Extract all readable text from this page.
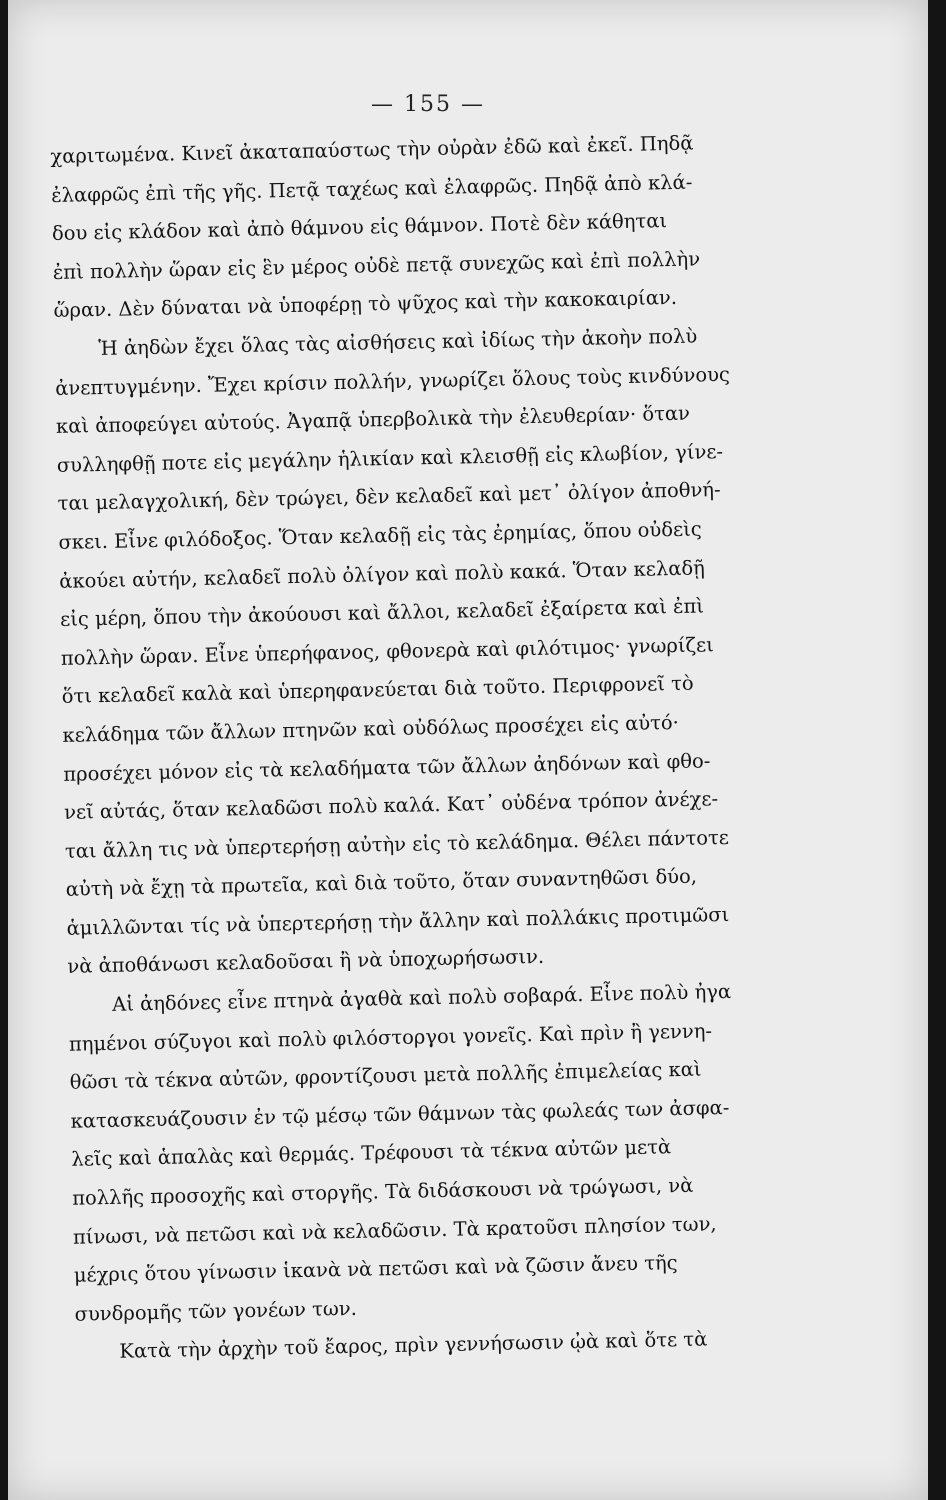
— 155 —
χαριτωμένα. Κινεῖ ἀκαταπαύστως τὴν οὐρὰν ἐδῶ καὶ ἐκεῖ. Πηδᾷ
ἐλαφρῶς ἐπὶ τῆς γῆς. Πετᾷ ταχέως καὶ ἐλαφρῶς. Πηδᾷ ἀπὸ κλά-
δου εἰς κλάδον καὶ ἀπὸ θάμνου εἰς θάμνον. Ποτὲ δὲν κάθηται
ἐπὶ πολλὴν ὥραν εἰς ἓν μέρος οὐδὲ πετᾷ συνεχῶς καὶ ἐπὶ πολλὴν
ὥραν. Δὲν δύναται νὰ ὑποφέρῃ τὸ ψῦχος καὶ τὴν κακοκαιρίαν.
Ἡ ἀηδὼν ἔχει ὅλας τὰς αἰσθήσεις καὶ ἰδίως τὴν ἀκοὴν πολὺ
ἀνεπτυγμένην. Ἔχει κρίσιν πολλήν, γνωρίζει ὅλους τοὺς κινδύνους
καὶ ἀποφεύγει αὐτούς. Ἀγαπᾷ ὑπερβολικὰ τὴν ἐλευθερίαν· ὅταν
συλληφθῇ ποτε εἰς μεγάλην ἡλικίαν καὶ κλεισθῇ εἰς κλωβίον, γίνε-
ται μελαγχολική, δὲν τρώγει, δὲν κελαδεῖ καὶ μετ᾽ ὀλίγον ἀποθνή-
σκει. Εἶνε φιλόδοξος. Ὅταν κελαδῇ εἰς τὰς ἐρημίας, ὅπου οὐδεὶς
ἀκούει αὐτήν, κελαδεῖ πολὺ ὀλίγον καὶ πολὺ κακά. Ὅταν κελαδῇ
εἰς μέρη, ὅπου τὴν ἀκούουσι καὶ ἄλλοι, κελαδεῖ ἐξαίρετα καὶ ἐπὶ
πολλὴν ὥραν. Εἶνε ὑπερήφανος, φθονερὰ καὶ φιλότιμος· γνωρίζει
ὅτι κελαδεῖ καλὰ καὶ ὑπερηφανεύεται διὰ τοῦτο. Περιφρονεῖ τὸ
κελάδημα τῶν ἄλλων πτηνῶν καὶ οὐδόλως προσέχει εἰς αὐτό·
προσέχει μόνον εἰς τὰ κελαδήματα τῶν ἄλλων ἀηδόνων καὶ φθο-
νεῖ αὐτάς, ὅταν κελαδῶσι πολὺ καλά. Κατ᾽ οὐδένα τρόπον ἀνέχε-
ται ἄλλη τις νὰ ὑπερτερήσῃ αὐτὴν εἰς τὸ κελάδημα. Θέλει πάντοτε
αὐτὴ νὰ ἔχῃ τὰ πρωτεῖα, καὶ διὰ τοῦτο, ὅταν συναντηθῶσι δύο,
ἁμιλλῶνται τίς νὰ ὑπερτερήσῃ τὴν ἄλλην καὶ πολλάκις προτιμῶσι
νὰ ἀποθάνωσι κελαδοῦσαι ἢ νὰ ὑποχωρήσωσιν.
Αἱ ἀηδόνες εἶνε πτηνὰ ἀγαθὰ καὶ πολὺ σοβαρά. Εἶνε πολὺ ἠγα
πημένοι σύζυγοι καὶ πολὺ φιλόστοργοι γονεῖς. Καὶ πρὶν ἢ γεννη-
θῶσι τὰ τέκνα αὐτῶν, φροντίζουσι μετὰ πολλῆς ἐπιμελείας καὶ
κατασκευάζουσιν ἐν τῷ μέσῳ τῶν θάμνων τὰς φωλεάς των ἀσφα-
λεῖς καὶ ἁπαλὰς καὶ θερμάς. Τρέφουσι τὰ τέκνα αὐτῶν μετὰ
πολλῆς προσοχῆς καὶ στοργῆς. Τὰ διδάσκουσι νὰ τρώγωσι, νὰ
πίνωσι, νὰ πετῶσι καὶ νὰ κελαδῶσιν. Τὰ κρατοῦσι πλησίον των,
μέχρις ὅτου γίνωσιν ἱκανὰ νὰ πετῶσι καὶ νὰ ζῶσιν ἄνευ τῆς
συνδρομῆς τῶν γονέων των.
Κατὰ τὴν ἀρχὴν τοῦ ἔαρος, πρὶν γεννήσωσιν ᾠὰ καὶ ὅτε τὰ
